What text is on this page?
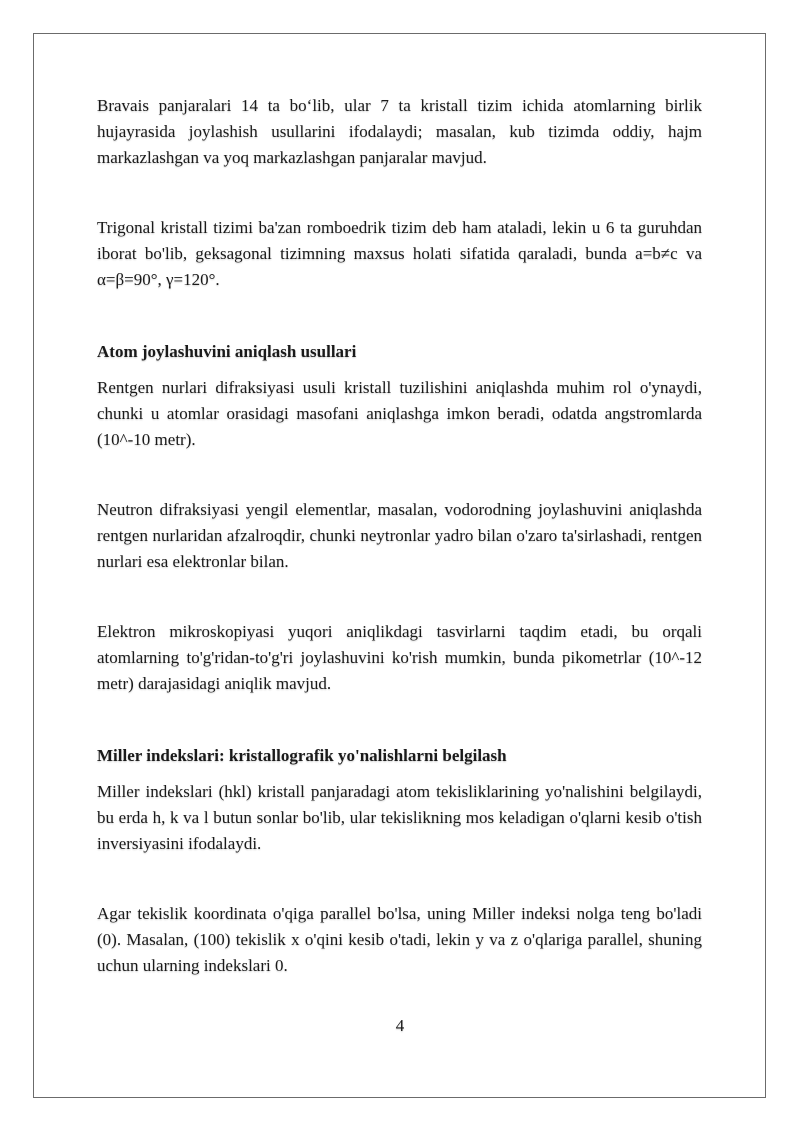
Bravais panjaralari 14 ta bo‘lib, ular 7 ta kristall tizim ichida atomlarning birlik hujayrasida joylashish usullarini ifodalaydi; masalan, kub tizimda oddiy, hajm markazlashgan va yoq markazlashgan panjaralar mavjud.

Trigonal kristall tizimi ba'zan romboedrik tizim deb ham ataladi, lekin u 6 ta guruhdan iborat bo'lib, geksagonal tizimning maxsus holati sifatida qaraladi, bunda a=b≠c va α=β=90°, γ=120°.

Atom joylashuvini aniqlash usullari

Rentgen nurlari difraksiyasi usuli kristall tuzilishini aniqlashda muhim rol o'ynaydi, chunki u atomlar orasidagi masofani aniqlashga imkon beradi, odatda angstromlarda (10^-10 metr).

Neutron difraksiyasi yengil elementlar, masalan, vodorodning joylashuvini aniqlashda rentgen nurlaridan afzalroqdir, chunki neytronlar yadro bilan o'zaro ta'sirlashadi, rentgen nurlari esa elektronlar bilan.

Elektron mikroskopiyasi yuqori aniqlikdagi tasvirlarni taqdim etadi, bu orqali atomlarning to'g'ridan-to'g'ri joylashuvini ko'rish mumkin, bunda pikometrlar (10^-12 metr) darajasidagi aniqlik mavjud.

Miller indekslari: kristallografik yo'nalishlarni belgilash

Miller indekslari (hkl) kristall panjaradagi atom tekisliklarining yo'nalishini belgilaydi, bu erda h, k va l butun sonlar bo'lib, ular tekislikning mos keladigan o'qlarni kesib o'tish inversiyasini ifodalaydi.

Agar tekislik koordinata o'qiga parallel bo'lsa, uning Miller indeksi nolga teng bo'ladi (0). Masalan, (100) tekislik x o'qini kesib o'tadi, lekin y va z o'qlariga parallel, shuning uchun ularning indekslari 0.

4
